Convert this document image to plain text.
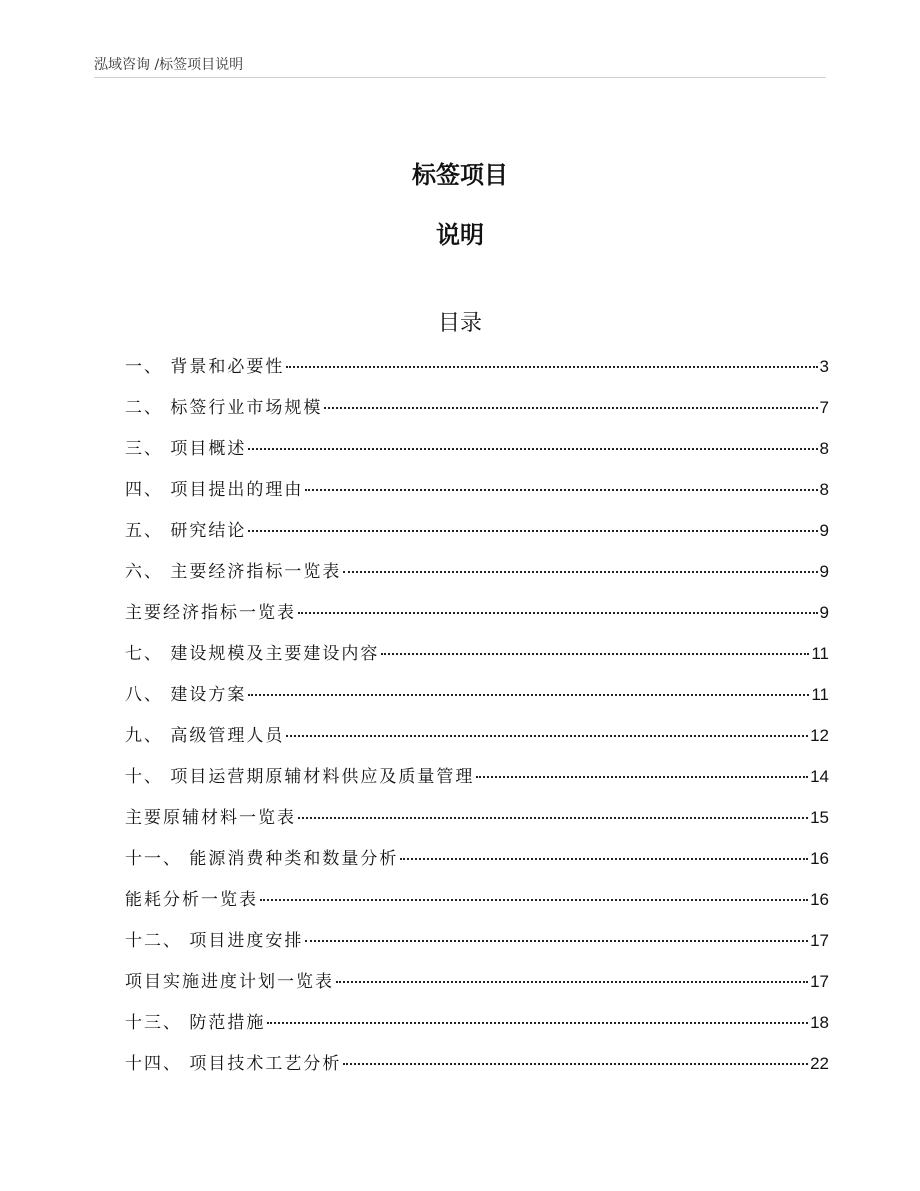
泓域咨询 /标签项目说明
标签项目
说明
目录
一、 背景和必要性	3
二、 标签行业市场规模	7
三、 项目概述	8
四、 项目提出的理由	8
五、 研究结论	9
六、 主要经济指标一览表	9
主要经济指标一览表	9
七、 建设规模及主要建设内容	11
八、 建设方案	11
九、 高级管理人员	12
十、 项目运营期原辅材料供应及质量管理	14
主要原辅材料一览表	15
十一、 能源消费种类和数量分析	16
能耗分析一览表	16
十二、 项目进度安排	17
项目实施进度计划一览表	17
十三、 防范措施	18
十四、 项目技术工艺分析	22
